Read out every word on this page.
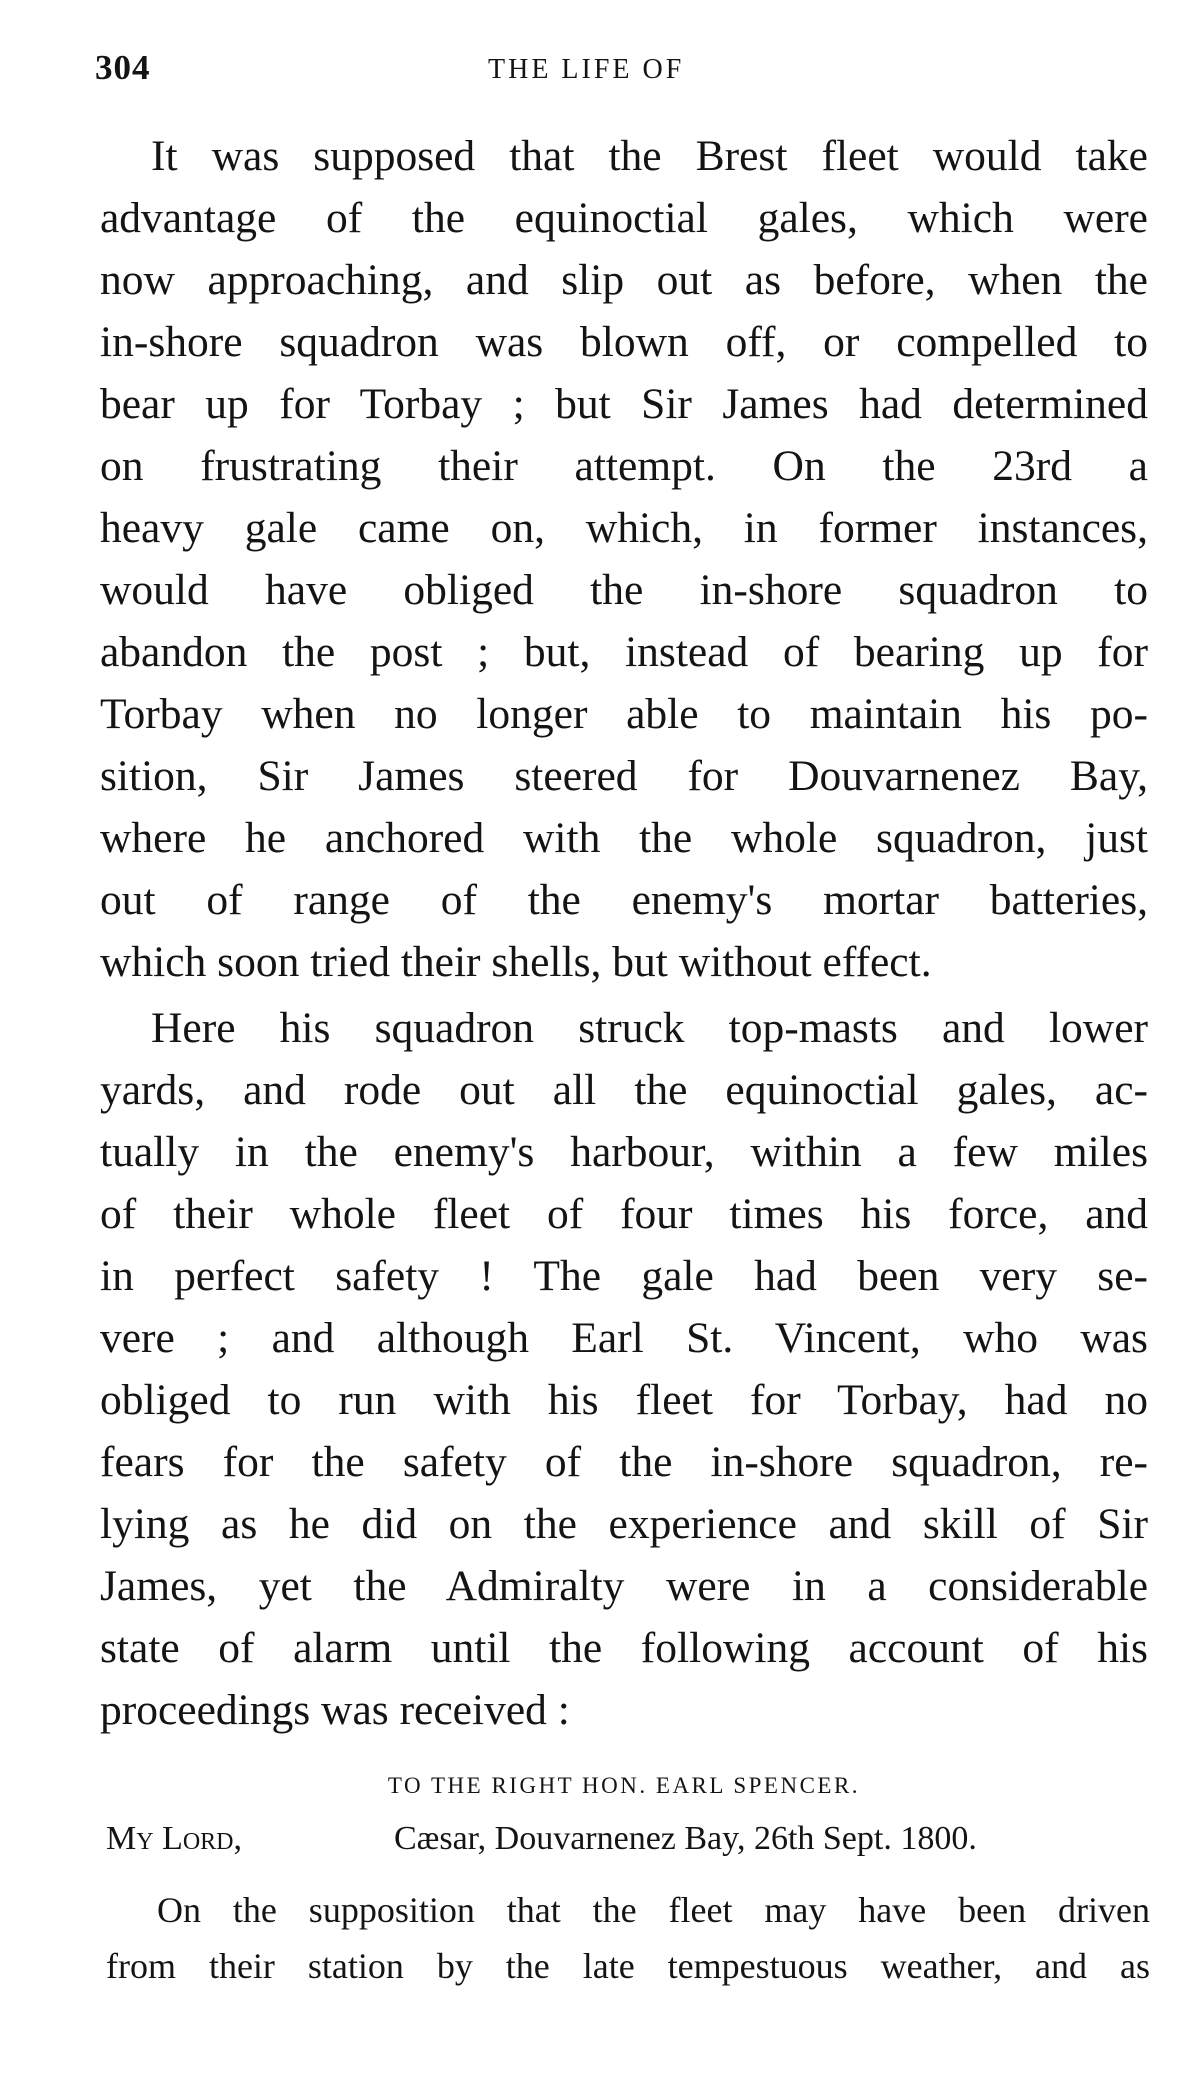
304	THE LIFE OF
It was supposed that the Brest fleet would take
advantage of the equinoctial gales, which were
now approaching, and slip out as before, when the
in-shore squadron was blown off, or compelled to
bear up for Torbay ; but Sir James had determined
on frustrating their attempt. On the 23rd a
heavy gale came on, which, in former instances,
would have obliged the in-shore squadron to
abandon the post ; but, instead of bearing up for
Torbay when no longer able to maintain his po-
sition, Sir James steered for Douvarnenez Bay,
where he anchored with the whole squadron, just
out of range of the enemy's mortar batteries,
which soon tried their shells, but without effect.
Here his squadron struck top-masts and lower
yards, and rode out all the equinoctial gales, ac-
tually in the enemy's harbour, within a few miles
of their whole fleet of four times his force, and
in perfect safety ! The gale had been very se-
vere ; and although Earl St. Vincent, who was
obliged to run with his fleet for Torbay, had no
fears for the safety of the in-shore squadron, re-
lying as he did on the experience and skill of Sir
James, yet the Admiralty were in a considerable
state of alarm until the following account of his
proceedings was received :
TO THE RIGHT HON. EARL SPENCER.
My Lord,	Cæsar, Douvarnenez Bay, 26th Sept. 1800.
On the supposition that the fleet may have been driven
from their station by the late tempestuous weather, and as
